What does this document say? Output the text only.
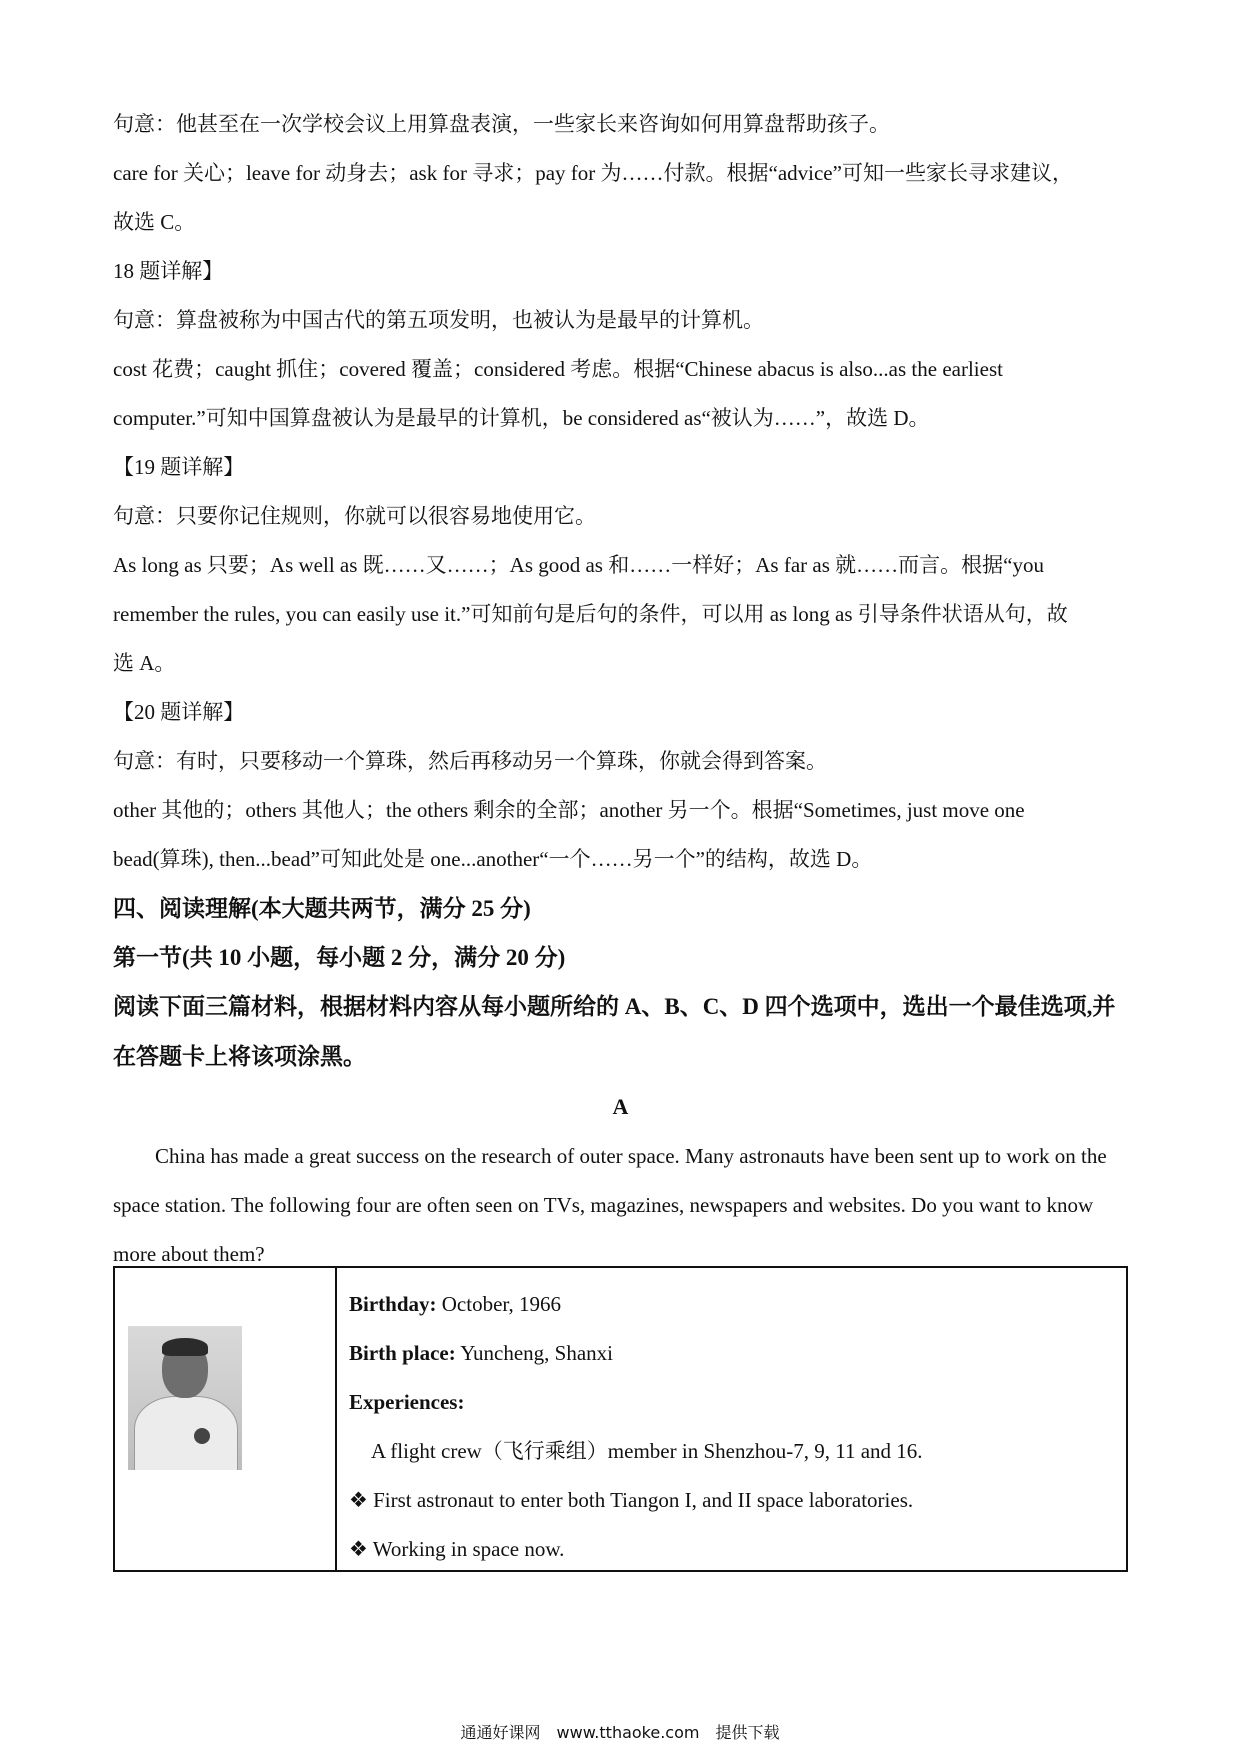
句意：他甚至在一次学校会议上用算盘表演，一些家长来咨询如何用算盘帮助孩子。

care for 关心；leave for 动身去；ask for 寻求；pay for 为……付款。根据“advice”可知一些家长寻求建议，

故选 C。

18 题详解】

句意：算盘被称为中国古代的第五项发明，也被认为是最早的计算机。

cost 花费；caught 抓住；covered 覆盖；considered 考虑。根据“Chinese abacus is also...as the earliest

computer.”可知中国算盘被认为是最早的计算机，be considered as“被认为……”，故选 D。

【19 题详解】

句意：只要你记住规则，你就可以很容易地使用它。

As long as 只要；As well as 既……又……；As good as 和……一样好；As far as 就……而言。根据“you

remember the rules, you can easily use it.”可知前句是后句的条件，可以用 as long as 引导条件状语从句，故

选 A。

【20 题详解】

句意：有时，只要移动一个算珠，然后再移动另一个算珠，你就会得到答案。

other 其他的；others 其他人；the others 剩余的全部；another 另一个。根据“Sometimes, just move one

bead(算珠), then...bead”可知此处是 one...another“一个……另一个”的结构，故选 D。

四、阅读理解(本大题共两节，满分 25 分)

第一节(共 10 小题，每小题 2 分，满分 20 分)

阅读下面三篇材料，根据材料内容从每小题所给的 A、B、C、D 四个选项中，选出一个最佳选项,并在答题卡上将该项涂黑。

A

China has made a great success on the research of outer space. Many astronauts have been sent up to work on the space station. The following four are often seen on TVs, magazines, newspapers and websites. Do you want to know more about them?

Birthday: October, 1966

Birth place: Yuncheng, Shanxi

Experiences:

A flight crew（飞行乘组）member in Shenzhou-7, 9, 11 and 16.

❖ First astronaut to enter both Tiangon I, and II space laboratories.

❖ Working in space now.

通通好课网　www.tthaoke.com　提供下载
